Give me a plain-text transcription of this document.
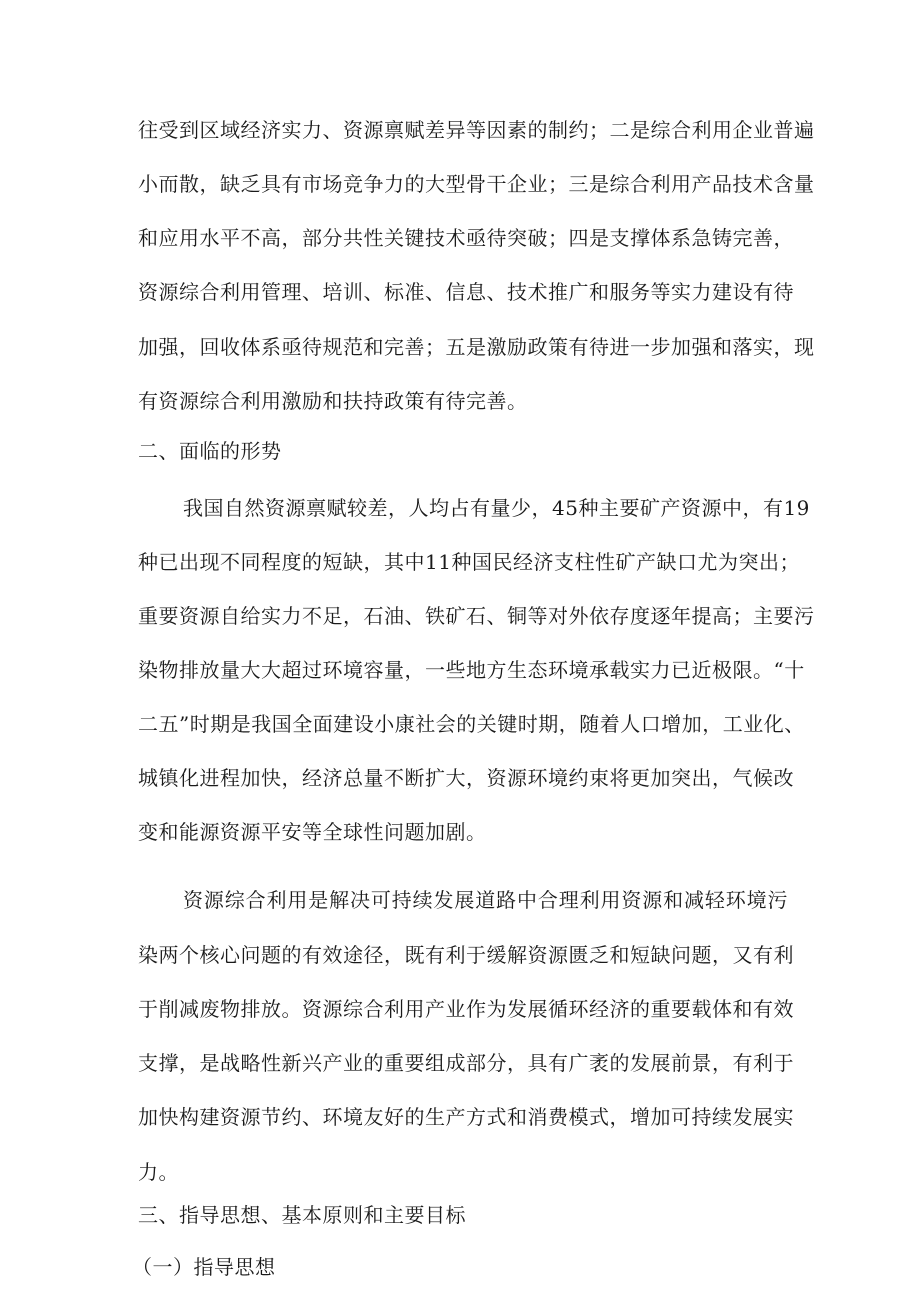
往受到区域经济实力、资源禀赋差异等因素的制约；二是综合利用企业普遍
小而散，缺乏具有市场竞争力的大型骨干企业；三是综合利用产品技术含量
和应用水平不高，部分共性关键技术亟待突破；四是支撑体系急铸完善，
资源综合利用管理、培训、标准、信息、技术推广和服务等实力建设有待
加强，回收体系亟待规范和完善；五是激励政策有待进一步加强和落实，现
有资源综合利用激励和扶持政策有待完善。
二、面临的形势
我国自然资源禀赋较差，人均占有量少，45种主要矿产资源中，有19
种已出现不同程度的短缺，其中11种国民经济支柱性矿产缺口尤为突出；
重要资源自给实力不足，石油、铁矿石、铜等对外依存度逐年提高；主要污
染物排放量大大超过环境容量，一些地方生态环境承载实力已近极限。“十
二五”时期是我国全面建设小康社会的关键时期，随着人口增加，工业化、
城镇化进程加快，经济总量不断扩大，资源环境约束将更加突出，气候改
变和能源资源平安等全球性问题加剧。
资源综合利用是解决可持续发展道路中合理利用资源和减轻环境污
染两个核心问题的有效途径，既有利于缓解资源匮乏和短缺问题，又有利
于削减废物排放。资源综合利用产业作为发展循环经济的重要载体和有效
支撑，是战略性新兴产业的重要组成部分，具有广袤的发展前景，有利于
加快构建资源节约、环境友好的生产方式和消费模式，增加可持续发展实
力。
三、指导思想、基本原则和主要目标
（一）指导思想
